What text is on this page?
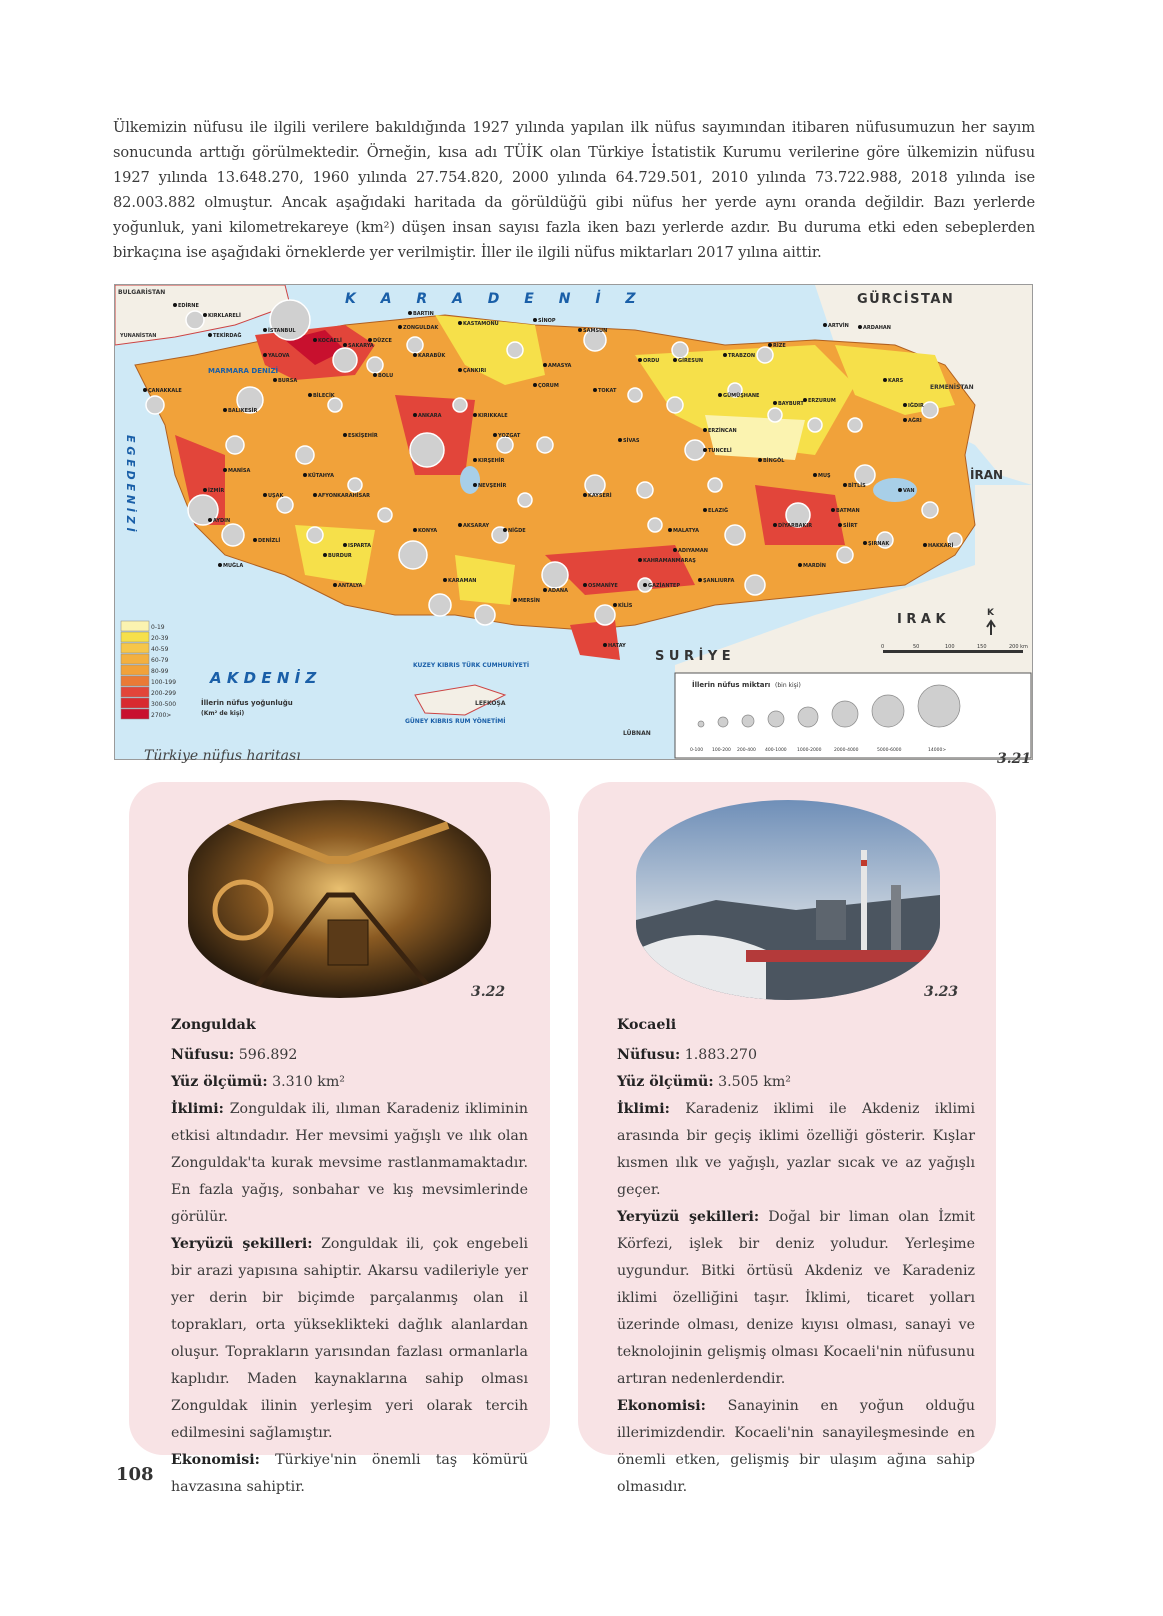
Ülkemizin nüfusu ile ilgili verilere bakıldığında 1927 yılında yapılan ilk nüfus sayımından itibaren nüfusumuzun her sayım sonucunda arttığı görülmektedir. Örneğin, kısa adı TÜİK olan Türkiye İstatistik Kurumu verilerine göre ülkemizin nüfusu 1927 yılında 13.648.270, 1960 yılında 27.754.820, 2000 yılında 64.729.501, 2010 yılında 73.722.988, 2018 yılında ise 82.003.882 olmuştur. Ancak aşağıdaki haritada da görüldüğü gibi nüfus her yerde aynı oranda değildir. Bazı yerlerde yoğunluk, yani kilometrekareye (km²) düşen insan sayısı fazla iken bazı yerlerde azdır. Bu duruma etki eden sebeplerden birkaçına ise aşağıdaki örneklerde yer verilmiştir. İller ile ilgili nüfus miktarları 2017 yılına aittir.

K A R A D E N İ Z
A K D E N İ Z
MARMARA DENİZİ
E G E D E N İ Z İ
GÜRCİSTAN
İRAN
I R A K
S U R İ Y E
BULGARİSTAN
ERMENİSTAN
YUNANİSTAN
LÜBNAN
KUZEY KIBRIS TÜRK CUMHURİYETİ
GÜNEY KIBRIS RUM YÖNETİMİ
LEFKOŞA
K
EDİRNE
KIRKLARELİ
TEKİRDAĞ
İSTANBUL
KOCAELİ
SAKARYA
DÜZCE
ZONGULDAK
BARTIN
KASTAMONU	SİNOP
SAMSUN
ORDU	GİRESUN
TRABZON
RİZE
ARTVİN	ARDAHAN
KARS
IĞDIR
AĞRI
ERZURUM
BAYBURT
GÜMÜŞHANE
ERZİNCAN
TUNCELİ
BİNGÖL
MUŞ
BİTLİS
VAN
HAKKARİ
ŞIRNAK
SİİRT
BATMAN
MARDİN
DİYARBAKIR
ŞANLIURFA
ADIYAMAN
MALATYA
ELAZIĞ
SİVAS
TOKAT
AMASYA
ÇORUM
ÇANKIRI
KARABÜK
BOLU
BİLECİK
BURSA
YALOVA
BALIKESİR
ÇANAKKALE
ESKİŞEHİR
KÜTAHYA
ANKARA	KIRIKKALE
YOZGAT
KIRŞEHİR
NEVŞEHİR
KAYSERİ
AKSARAY
NİĞDE
KONYA
KARAMAN
MERSİN
ADANA
OSMANİYE
HATAY
KİLİS
GAZİANTEP
KAHRAMANMARAŞ
MANİSA
İZMİR
UŞAK	AFYONKARAHİSAR
AYDIN
DENİZLİ
MUĞLA
BURDUR
ISPARTA
ANTALYA
İllerin nüfus yoğunluğu
(Km² de kişi)
0-19
20-39
40-59
60-79
80-99
100-199
200-299
300-500
2700>
İllerin nüfus miktarı (bin kişi)
0-100 100-200 200-400 400-1000 1000-2000	2000-4000	5000-6000	14000>
0	50	100	150	200 km
Türkiye nüfus haritası	3.21
3.22

Zonguldak

Nüfusu: 596.892

Yüz ölçümü: 3.310 km²

İklimi: Zonguldak ili, ılıman Karadeniz ikliminin etkisi altındadır. Her mevsimi yağışlı ve ılık olan Zonguldak'ta kurak mevsime rastlanmamaktadır. En fazla yağış, sonbahar ve kış mevsimlerinde görülür.

Yeryüzü şekilleri: Zonguldak ili, çok engebeli bir arazi yapısına sahiptir. Akarsu vadileriyle yer yer derin bir biçimde parçalanmış olan il toprakları, orta yükseklikteki dağlık alanlardan oluşur. Toprakların yarısından fazlası ormanlarla kaplıdır. Maden kaynaklarına sahip olması Zonguldak ilinin yerleşim yeri olarak tercih edilmesini sağlamıştır.

Ekonomisi: Türkiye'nin önemli taş kömürü havzasına sahiptir.

3.23

Kocaeli

Nüfusu: 1.883.270

Yüz ölçümü: 3.505 km²

İklimi: Karadeniz iklimi ile Akdeniz iklimi arasında bir geçiş iklimi özelliği gösterir. Kışlar kısmen ılık ve yağışlı, yazlar sıcak ve az yağışlı geçer.

Yeryüzü şekilleri: Doğal bir liman olan İzmit Körfezi, işlek bir deniz yoludur. Yerleşime uygundur. Bitki örtüsü Akdeniz ve Karadeniz iklimi özelliğini taşır. İklimi, ticaret yolları üzerinde olması, denize kıyısı olması, sanayi ve teknolojinin gelişmiş olması Kocaeli'nin nüfusunu artıran nedenlerdendir.

Ekonomisi: Sanayinin en yoğun olduğu illerimizdendir. Kocaeli'nin sanayileşmesinde en önemli etken, gelişmiş bir ulaşım ağına sahip olmasıdır.

108
